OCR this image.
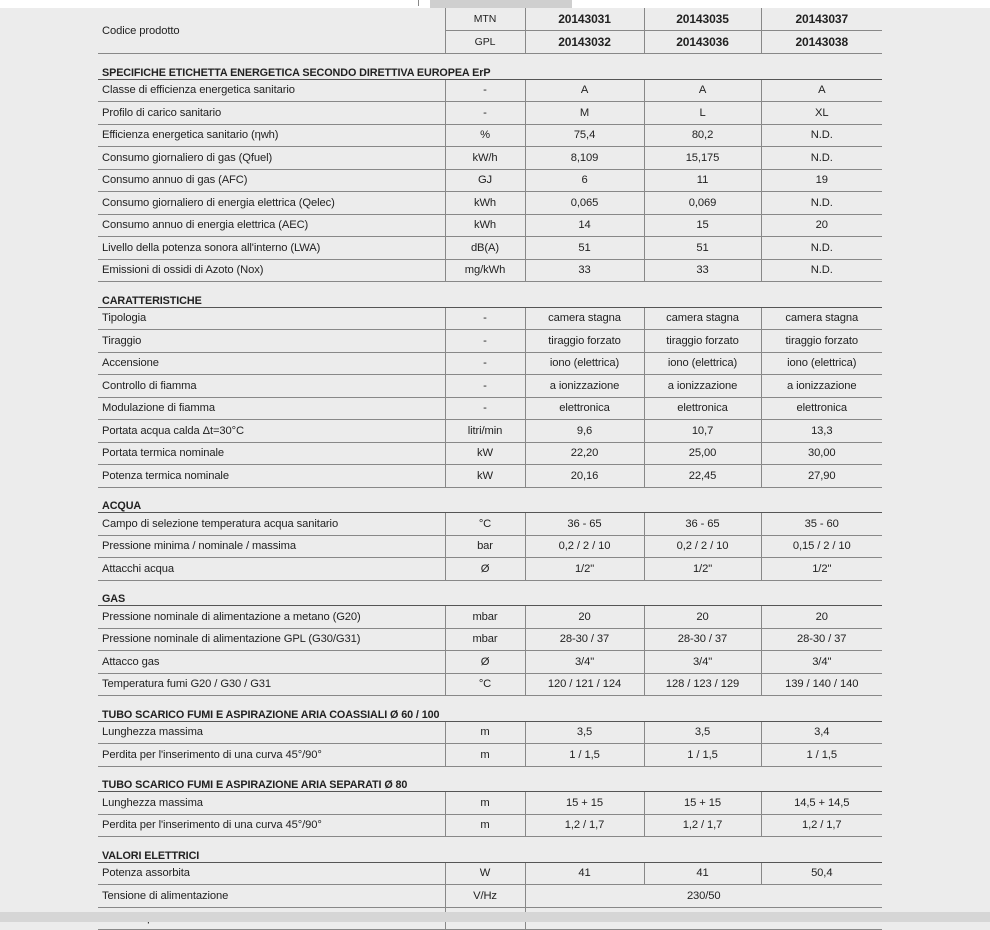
Codice prodotto	MTN	20143031	20143035	20143037
	GPL	20143032	20143036	20143038
SPECIFICHE ETICHETTA ENERGETICA SECONDO DIRETTIVA EUROPEA ErP				
Classe di efficienza energetica sanitario	-	A	A	A
Profilo di carico sanitario	-	M	L	XL
Efficienza energetica sanitario (ηwh)	%	75,4	80,2	N.D.
Consumo giornaliero di gas (Qfuel)	kW/h	8,109	15,175	N.D.
Consumo annuo di gas (AFC)	GJ	6	11	19
Consumo giornaliero di energia elettrica (Qelec)	kWh	0,065	0,069	N.D.
Consumo annuo di energia elettrica (AEC)	kWh	14	15	20
Livello della potenza sonora all'interno (LWA)	dB(A)	51	51	N.D.
Emissioni di ossidi di Azoto (Nox)	mg/kWh	33	33	N.D.
CARATTERISTICHE				
Tipologia	-	camera stagna	camera stagna	camera stagna
Tiraggio	-	tiraggio forzato	tiraggio forzato	tiraggio forzato
Accensione	-	iono (elettrica)	iono (elettrica)	iono (elettrica)
Controllo di fiamma	-	a ionizzazione	a ionizzazione	a ionizzazione
Modulazione di fiamma	-	elettronica	elettronica	elettronica
Portata acqua calda Δt=30°C	litri/min	9,6	10,7	13,3
Portata termica nominale	kW	22,20	25,00	30,00
Potenza termica nominale	kW	20,16	22,45	27,90
ACQUA				
Campo di selezione temperatura acqua sanitario	°C	36 - 65	36 - 65	35 - 60
Pressione minima / nominale / massima	bar	0,2 / 2 / 10	0,2 / 2 / 10	0,15 / 2 / 10
Attacchi acqua	Ø	1/2"	1/2"	1/2"
GAS				
Pressione nominale di alimentazione a metano (G20)	mbar	20	20	20
Pressione nominale di alimentazione GPL (G30/G31)	mbar	28-30 / 37	28-30 / 37	28-30 / 37
Attacco gas	Ø	3/4"	3/4"	3/4"
Temperatura fumi G20 / G30 / G31	°C	120 / 121 / 124	128 / 123 / 129	139 / 140 / 140
TUBO SCARICO FUMI E ASPIRAZIONE ARIA COASSIALI Ø 60 / 100				
Lunghezza massima	m	3,5	3,5	3,4
Perdita per l'inserimento di una curva 45°/90°	m	1 / 1,5	1 / 1,5	1 / 1,5
TUBO SCARICO FUMI E ASPIRAZIONE ARIA SEPARATI Ø 80				
Lunghezza massima	m	15 + 15	15 + 15	14,5 + 14,5
Perdita per l'inserimento di una curva 45°/90°	m	1,2 / 1,7	1,2 / 1,7	1,2 / 1,7
VALORI ELETTRICI				
Potenza assorbita	W	41	41	50,4
Tensione di alimentazione	V/Hz	230/50		
